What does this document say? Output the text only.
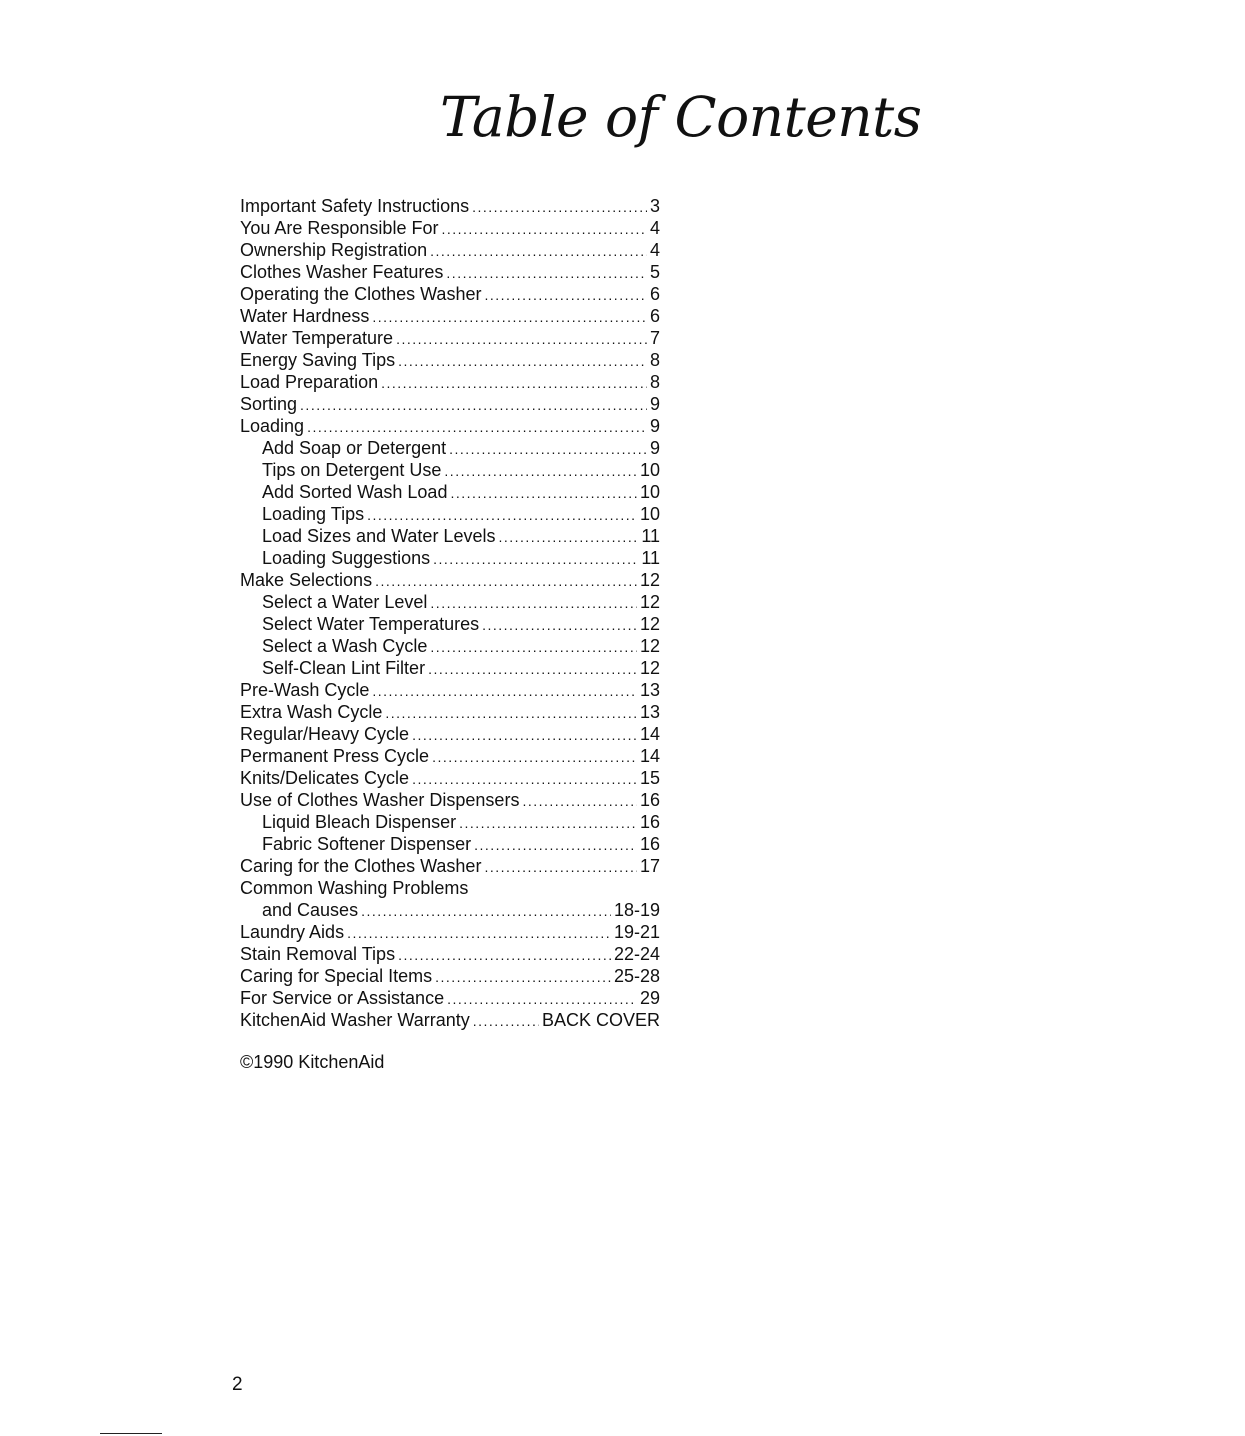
Table of Contents
Important Safety Instructions .....	3
You Are Responsible For .....	4
Ownership Registration .....	4
Clothes Washer Features .....	5
Operating the Clothes Washer .....	6
Water Hardness .....	6
Water Temperature .....	7
Energy Saving Tips .....	8
Load Preparation .....	8
Sorting .....	9
Loading .....	9
Add Soap or Detergent .....	9
Tips on Detergent Use .....	10
Add Sorted Wash Load .....	10
Loading Tips .....	10
Load Sizes and Water Levels .....	11
Loading Suggestions .....	11
Make Selections .....	12
Select a Water Level .....	12
Select Water Temperatures .....	12
Select a Wash Cycle .....	12
Self-Clean Lint Filter .....	12
Pre-Wash Cycle .....	13
Extra Wash Cycle .....	13
Regular/Heavy Cycle .....	14
Permanent Press Cycle .....	14
Knits/Delicates Cycle .....	15
Use of Clothes Washer Dispensers .....	16
Liquid Bleach Dispenser .....	16
Fabric Softener Dispenser .....	16
Caring for the Clothes Washer .....	17
Common Washing Problems
and Causes .....	18-19
Laundry Aids .....	19-21
Stain Removal Tips .....	22-24
Caring for Special Items .....	25-28
For Service or Assistance .....	29
KitchenAid Washer Warranty .....	BACK COVER
©1990 KitchenAid
2
